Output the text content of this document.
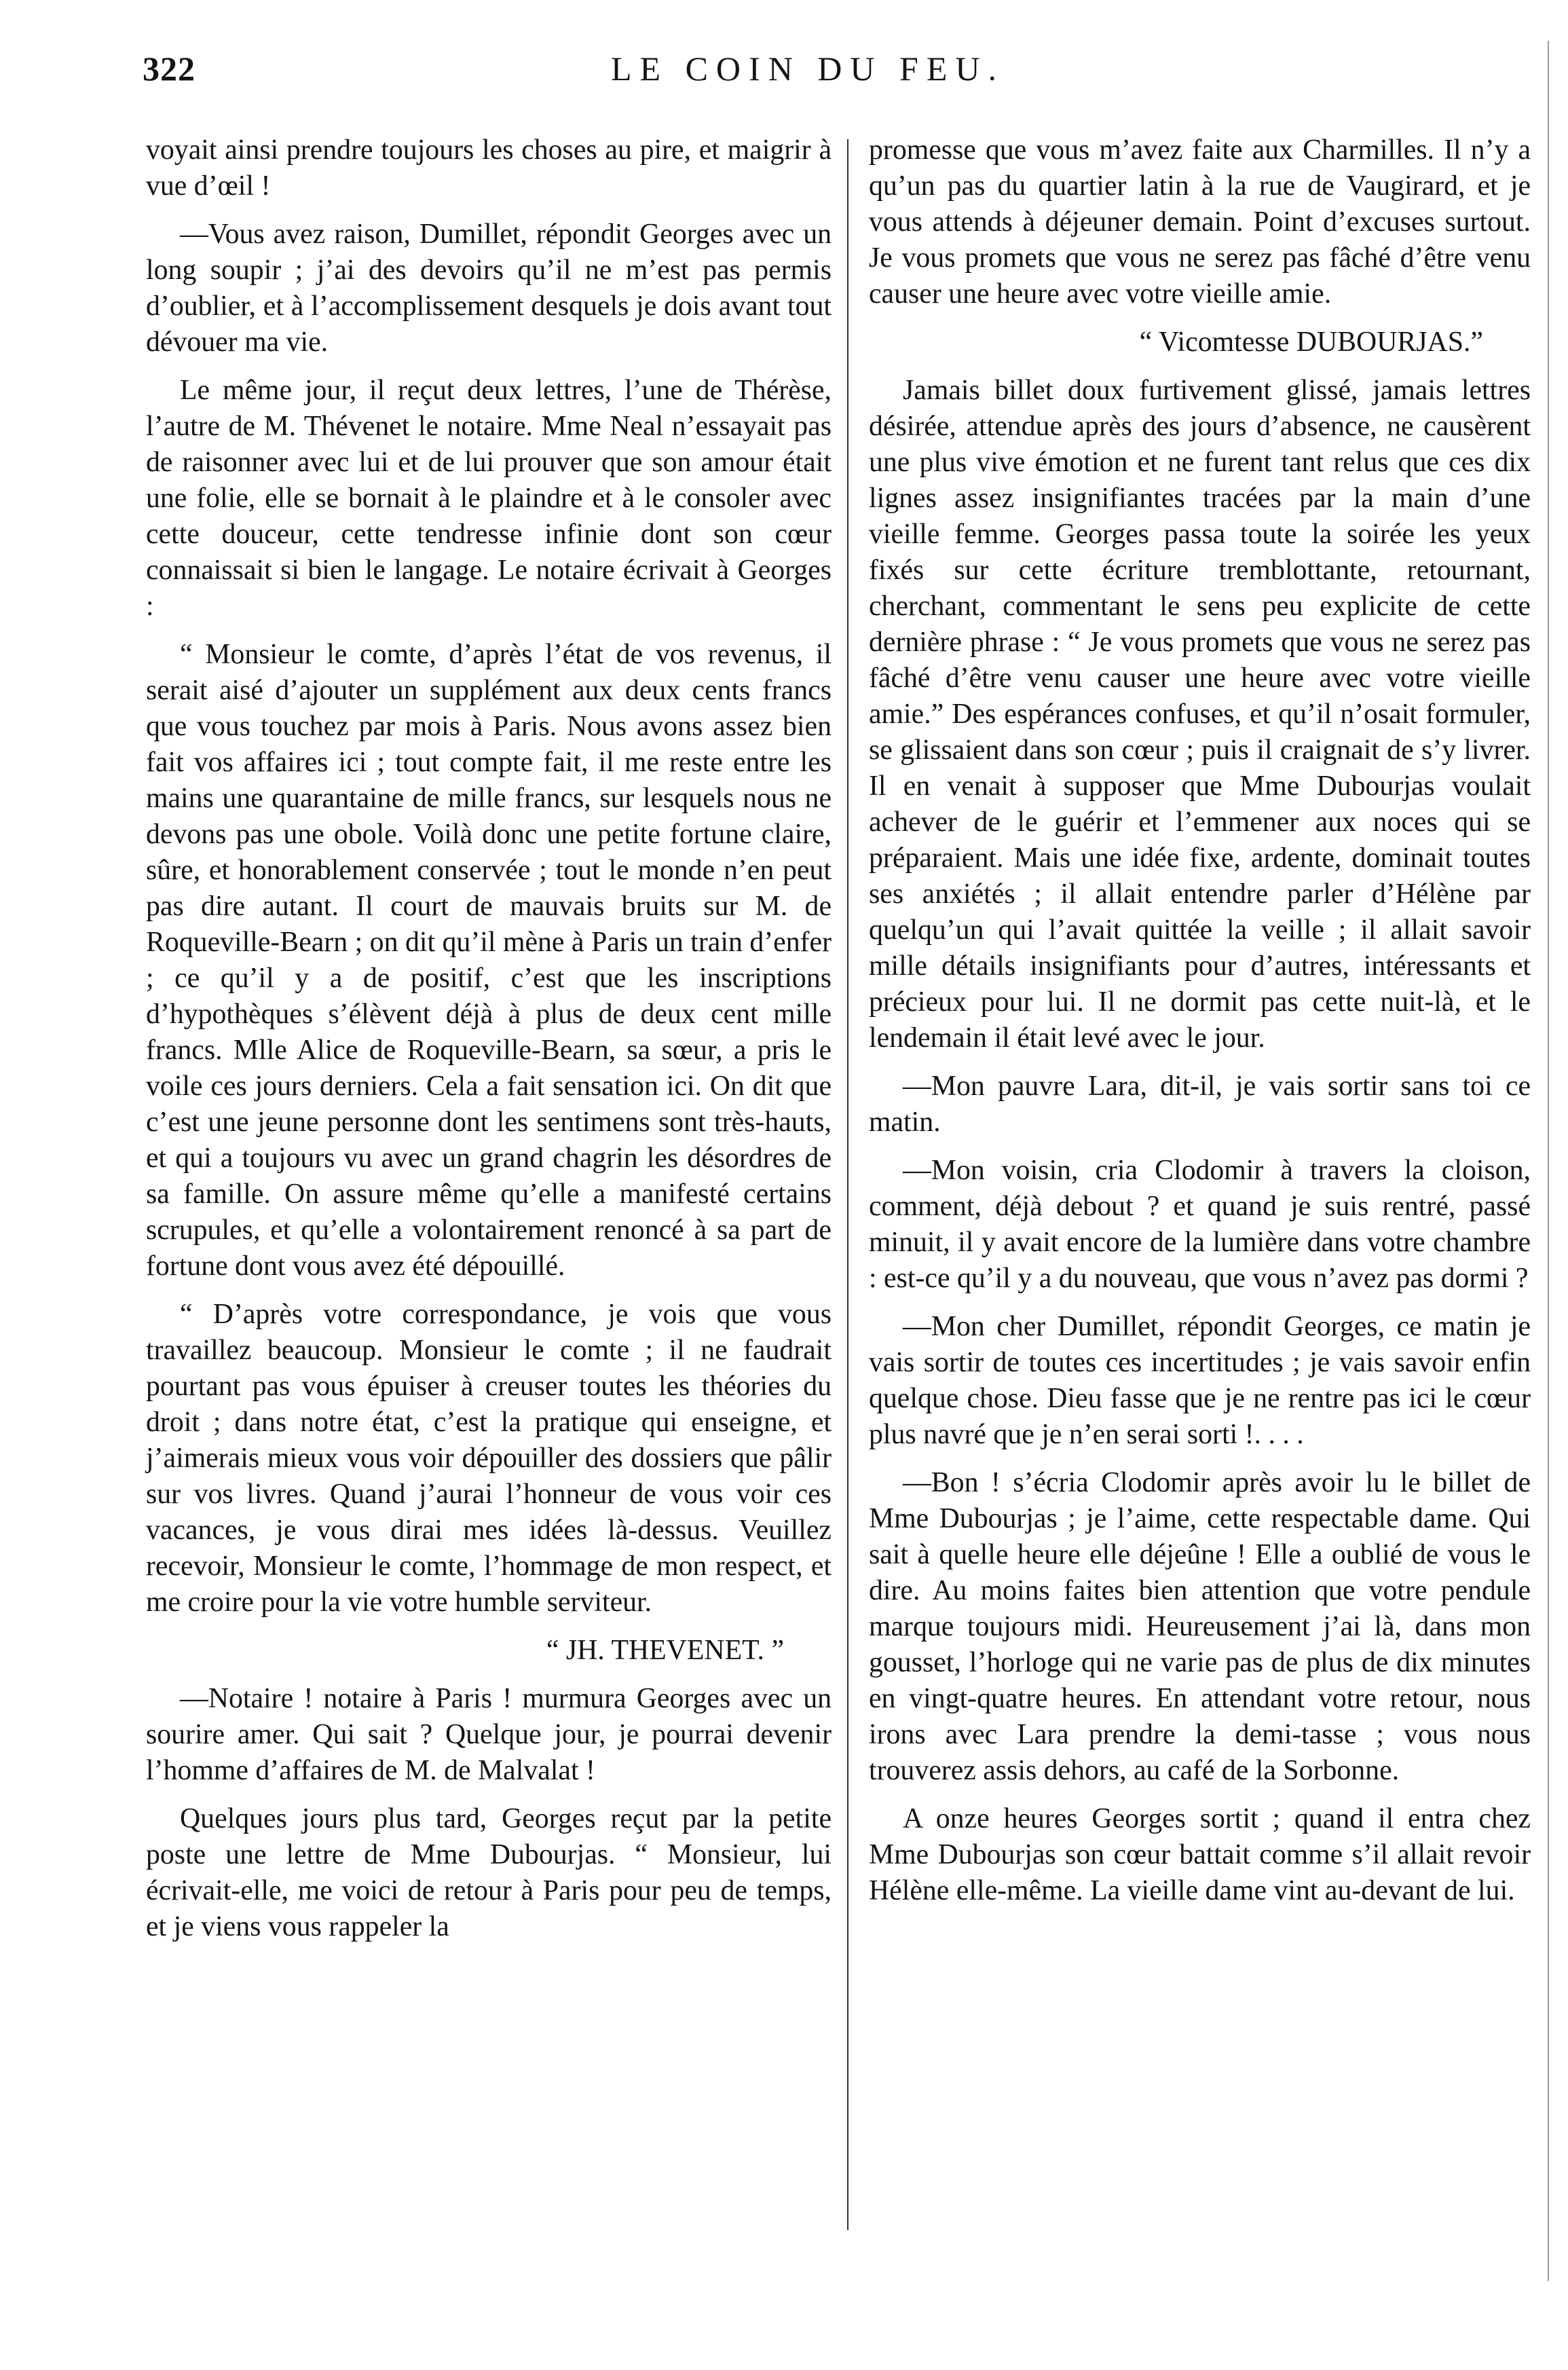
322	LE COIN DU FEU.

voyait ainsi prendre toujours les choses au pire, et maigrir à vue d’œil !

—Vous avez raison, Dumillet, répondit Georges avec un long soupir ; j’ai des devoirs qu’il ne m’est pas permis d’oublier, et à l’accomplissement desquels je dois avant tout dévouer ma vie.

Le même jour, il reçut deux lettres, l’une de Thérèse, l’autre de M. Thévenet le notaire. Mme Neal n’essayait pas de raisonner avec lui et de lui prouver que son amour était une folie, elle se bornait à le plaindre et à le consoler avec cette douceur, cette tendresse infinie dont son cœur connaissait si bien le langage. Le notaire écrivait à Georges :

“ Monsieur le comte, d’après l’état de vos revenus, il serait aisé d’ajouter un supplément aux deux cents francs que vous touchez par mois à Paris. Nous avons assez bien fait vos affaires ici ; tout compte fait, il me reste entre les mains une quarantaine de mille francs, sur lesquels nous ne devons pas une obole. Voilà donc une petite fortune claire, sûre, et honorablement conservée ; tout le monde n’en peut pas dire autant. Il court de mauvais bruits sur M. de Roqueville-Bearn ; on dit qu’il mène à Paris un train d’enfer ; ce qu’il y a de positif, c’est que les inscriptions d’hypothèques s’élèvent déjà à plus de deux cent mille francs. Mlle Alice de Roqueville-Bearn, sa sœur, a pris le voile ces jours derniers. Cela a fait sensation ici. On dit que c’est une jeune personne dont les sentimens sont très-hauts, et qui a toujours vu avec un grand chagrin les désordres de sa famille. On assure même qu’elle a manifesté certains scrupules, et qu’elle a volontairement renoncé à sa part de fortune dont vous avez été dépouillé.

“ D’après votre correspondance, je vois que vous travaillez beaucoup. Monsieur le comte ; il ne faudrait pourtant pas vous épuiser à creuser toutes les théories du droit ; dans notre état, c’est la pratique qui enseigne, et j’aimerais mieux vous voir dépouiller des dossiers que pâlir sur vos livres. Quand j’aurai l’honneur de vous voir ces vacances, je vous dirai mes idées là-dessus. Veuillez recevoir, Monsieur le comte, l’hommage de mon respect, et me croire pour la vie votre humble serviteur.

“ JH. THEVENET. ”

—Notaire ! notaire à Paris ! murmura Georges avec un sourire amer. Qui sait ? Quelque jour, je pourrai devenir l’homme d’affaires de M. de Malvalat !

Quelques jours plus tard, Georges reçut par la petite poste une lettre de Mme Dubourjas. “ Monsieur, lui écrivait-elle, me voici de retour à Paris pour peu de temps, et je viens vous rappeler la

promesse que vous m’avez faite aux Charmilles. Il n’y a qu’un pas du quartier latin à la rue de Vaugirard, et je vous attends à déjeuner demain. Point d’excuses surtout. Je vous promets que vous ne serez pas fâché d’être venu causer une heure avec votre vieille amie.

“ Vicomtesse DUBOURJAS.”

Jamais billet doux furtivement glissé, jamais lettres désirée, attendue après des jours d’absence, ne causèrent une plus vive émotion et ne furent tant relus que ces dix lignes assez insignifiantes tracées par la main d’une vieille femme. Georges passa toute la soirée les yeux fixés sur cette écriture tremblottante, retournant, cherchant, commentant le sens peu explicite de cette dernière phrase : “ Je vous promets que vous ne serez pas fâché d’être venu causer une heure avec votre vieille amie.” Des espérances confuses, et qu’il n’osait formuler, se glissaient dans son cœur ; puis il craignait de s’y livrer. Il en venait à supposer que Mme Dubourjas voulait achever de le guérir et l’emmener aux noces qui se préparaient. Mais une idée fixe, ardente, dominait toutes ses anxiétés ; il allait entendre parler d’Hélène par quelqu’un qui l’avait quittée la veille ; il allait savoir mille détails insignifiants pour d’autres, intéressants et précieux pour lui. Il ne dormit pas cette nuit-là, et le lendemain il était levé avec le jour.

—Mon pauvre Lara, dit-il, je vais sortir sans toi ce matin.

—Mon voisin, cria Clodomir à travers la cloison, comment, déjà debout ? et quand je suis rentré, passé minuit, il y avait encore de la lumière dans votre chambre : est-ce qu’il y a du nouveau, que vous n’avez pas dormi ?

—Mon cher Dumillet, répondit Georges, ce matin je vais sortir de toutes ces incertitudes ; je vais savoir enfin quelque chose. Dieu fasse que je ne rentre pas ici le cœur plus navré que je n’en serai sorti !. . . .

—Bon ! s’écria Clodomir après avoir lu le billet de Mme Dubourjas ; je l’aime, cette respectable dame. Qui sait à quelle heure elle déjeûne ! Elle a oublié de vous le dire. Au moins faites bien attention que votre pendule marque toujours midi. Heureusement j’ai là, dans mon gousset, l’horloge qui ne varie pas de plus de dix minutes en vingt-quatre heures. En attendant votre retour, nous irons avec Lara prendre la demi-tasse ; vous nous trouverez assis dehors, au café de la Sorbonne.

A onze heures Georges sortit ; quand il entra chez Mme Dubourjas son cœur battait comme s’il allait revoir Hélène elle-même. La vieille dame vint au-devant de lui.
